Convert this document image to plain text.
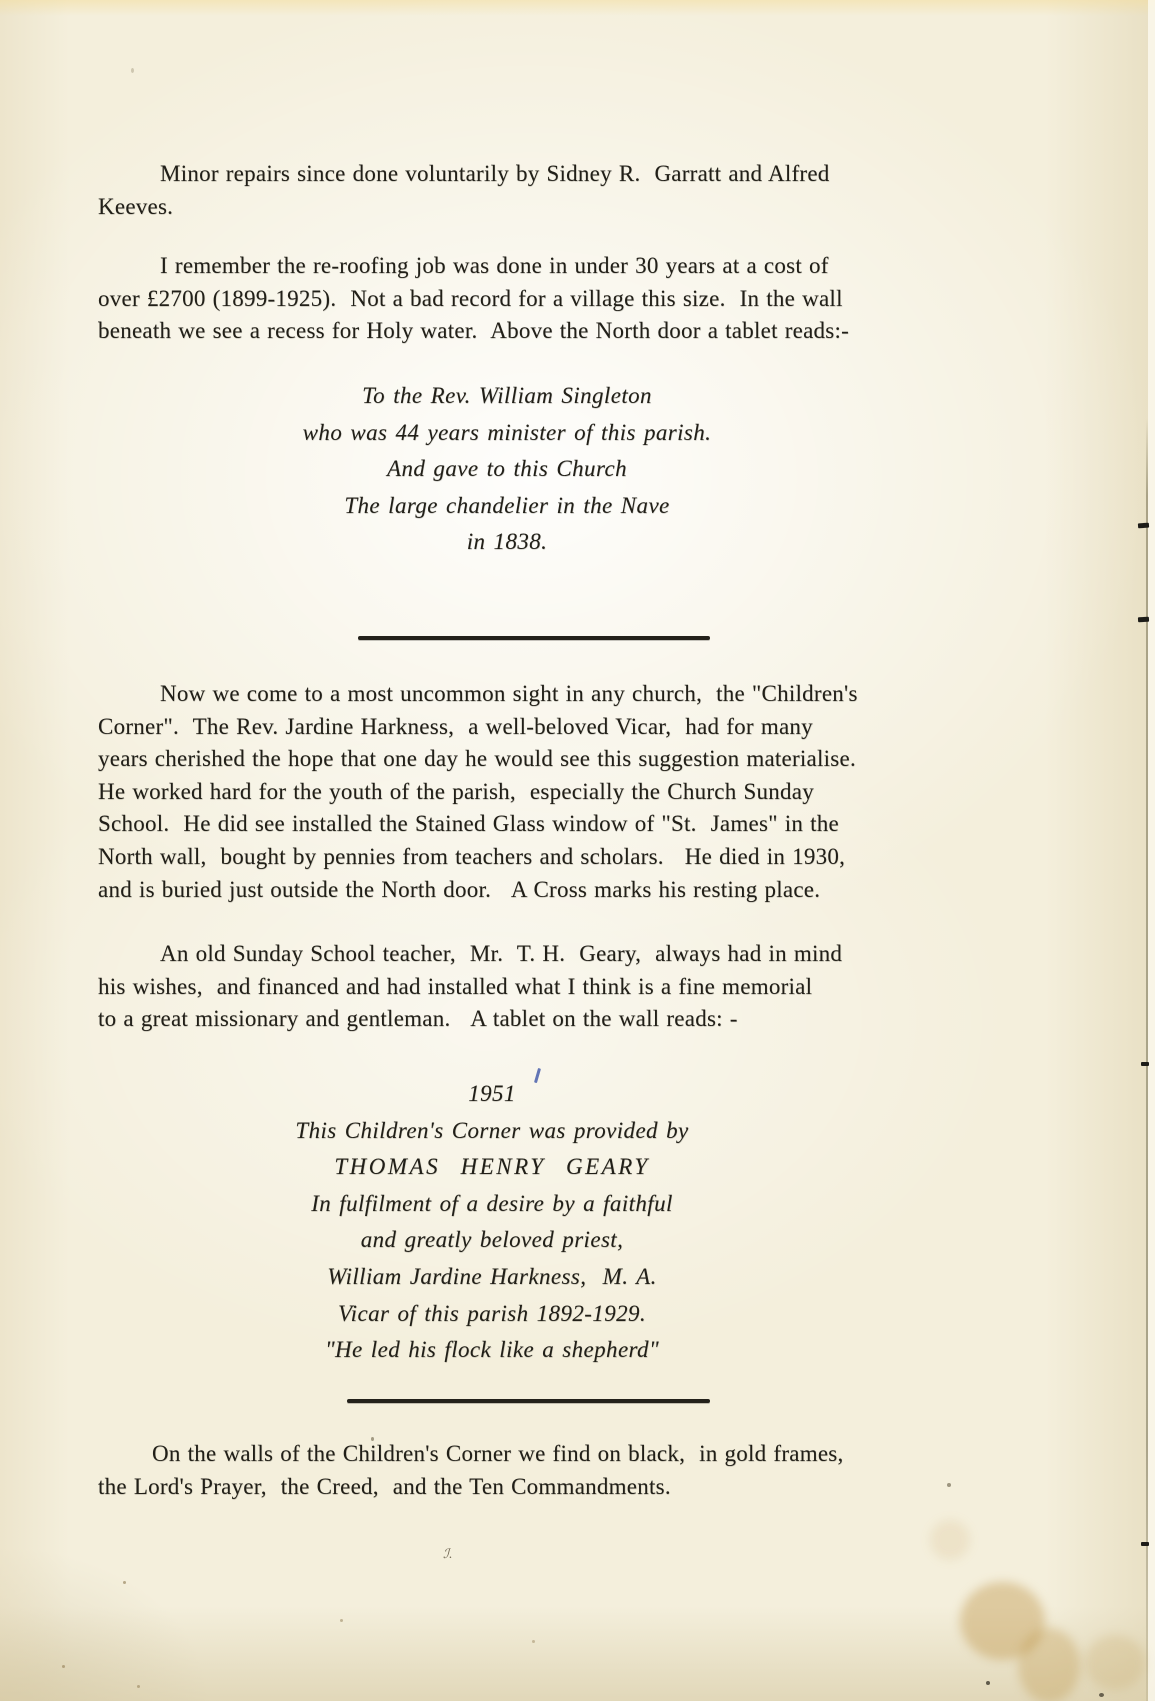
Minor repairs since done voluntarily by Sidney R.  Garratt and Alfred
Keeves.
I remember the re-roofing job was done in under 30 years at a cost of
over £2700 (1899-1925).  Not a bad record for a village this size.  In the wall
beneath we see a recess for Holy water.  Above the North door a tablet reads:-
To the Rev. William Singleton
who was 44 years minister of this parish.
And gave to this Church
The large chandelier in the Nave
in 1838.
Now we come to a most uncommon sight in any church,  the "Children's
Corner".  The Rev. Jardine Harkness,  a well-beloved Vicar,  had for many
years cherished the hope that one day he would see this suggestion materialise.
He worked hard for the youth of the parish,  especially the Church Sunday
School.  He did see installed the Stained Glass window of "St.  James" in the
North wall,  bought by pennies from teachers and scholars.   He died in 1930,
and is buried just outside the North door.   A Cross marks his resting place.
An old Sunday School teacher,  Mr.  T. H.  Geary,  always had in mind
his wishes,  and financed and had installed what I think is a fine memorial
to a great missionary and gentleman.   A tablet on the wall reads: -
1951
This Children's Corner was provided by
THOMAS  HENRY  GEARY
In fulfilment of a desire by a faithful
and greatly beloved priest,
William Jardine Harkness,  M. A.
Vicar of this parish 1892-1929.
"He led his flock like a shepherd"
On the walls of the Children's Corner we find on black,  in gold frames,
the Lord's Prayer,  the Creed,  and the Ten Commandments.
ℐ.
